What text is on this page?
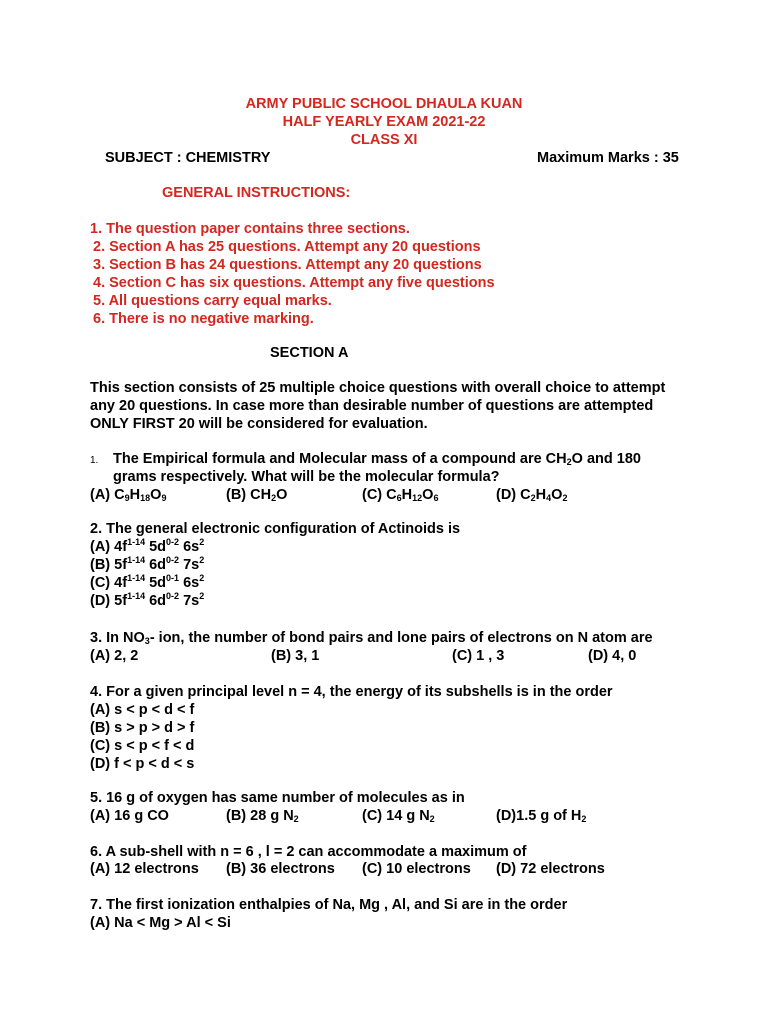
ARMY PUBLIC SCHOOL DHAULA KUAN
HALF YEARLY EXAM 2021-22
CLASS XI
SUBJECT : CHEMISTRY	Maximum Marks : 35
GENERAL INSTRUCTIONS:
1. The question paper contains three sections.
2. Section A has 25 questions. Attempt any 20 questions
3. Section B has 24 questions. Attempt any 20 questions
4. Section C has six questions. Attempt any five questions
5. All questions carry equal marks.
6. There is no negative marking.
SECTION A
This section consists of 25 multiple choice questions with overall choice to attempt
any 20 questions. In case more than desirable number of questions are attempted
ONLY FIRST 20 will be considered for evaluation.
1. The Empirical formula and Molecular mass of a compound are $CH_2O$ and 180
grams respectively. What will be the molecular formula?
(A) $C_9H_{18}O_9$	(B) $CH_2O$	(C) $C_6H_{12}O_6$	(D) $C_2H_4O_2$
2. The general electronic configuration of Actinoids is
(A) $4f^{1-14}$ $5d^{0-2}$ $6s^2$
(B) $5f^{1-14}$ $6d^{0-2}$ $7s^2$
(C) $4f^{1-14}$ $5d^{0-1}$ $6s^2$
(D) $5f^{1-14}$ $6d^{0-2}$ $7s^2$
3. In $NO_3-$ ion, the number of bond pairs and lone pairs of electrons on N atom are
(A) 2, 2	(B) 3, 1	(C) 1 , 3	(D) 4, 0
4. For a given principal level n = 4, the energy of its subshells is in the order
(A) s < p < d < f
(B) s > p > d > f
(C) s < p < f < d
(D) f < p < d < s
5. 16 g of oxygen has same number of molecules as in
(A) 16 g CO	(B) 28 g $N_2$	(C) 14 g $N_2$	(D)1.5 g of $H_2$
6. A sub-shell with n = 6 , l = 2 can accommodate a maximum of
(A) 12 electrons (B) 36 electrons (C) 10 electrons (D) 72 electrons
7. The first ionization enthalpies of Na, Mg , Al, and Si are in the order
(A) Na < Mg > Al < Si
